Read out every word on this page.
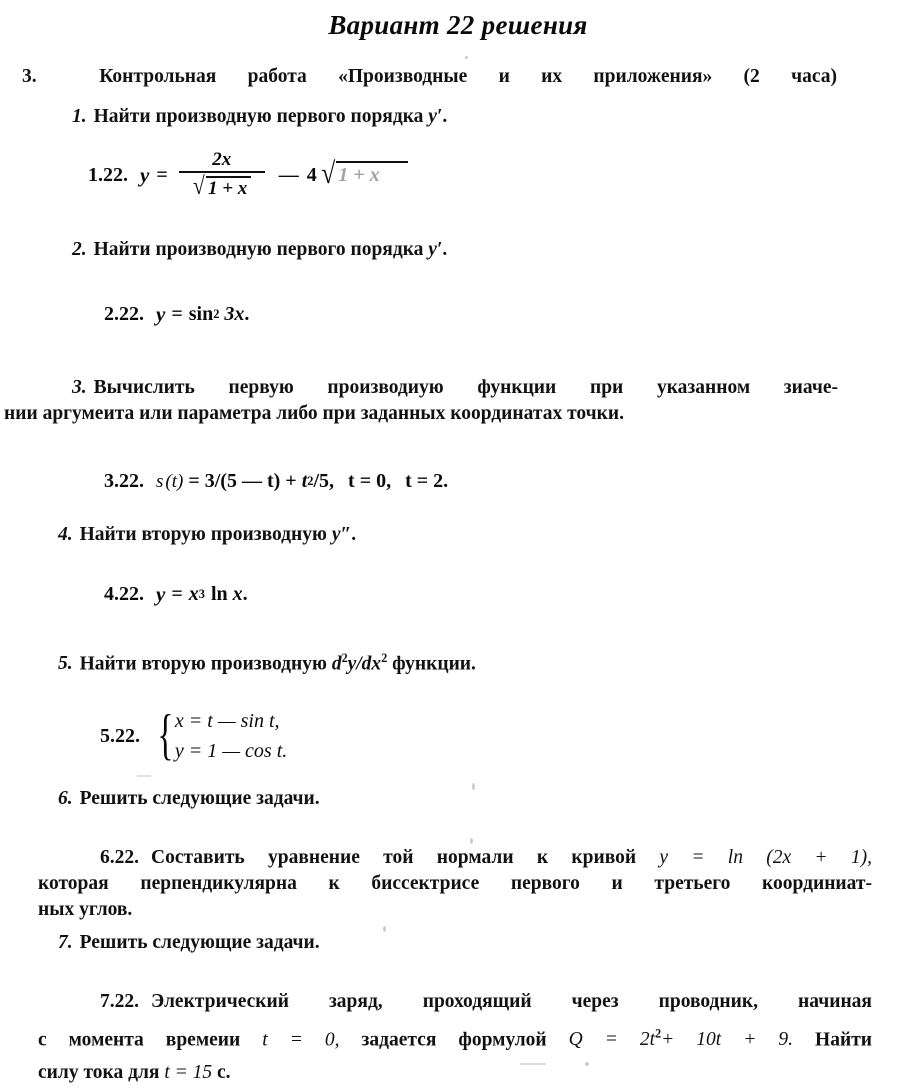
Вариант 22 решения
3.	Контрольная работа «Производные и их приложения» (2 часа)
1. Найти производную первого порядка y′.
1.22. $y = \frac{2x}{√ 1 + x}$ — 4 √ 1 + x
2. Найти производную первого порядка y′.
2.22. y = sin 2 3x .
3. Вычислить первую производиую функции при указанном зиаче-
нии аргумеита или параметра либо при заданных координатах точки.
3.22. s (t) = 3/(5 — t) + t 2 /5, t = 0, t = 2.
4. Найти вторую производную y″.
4.22. y = x 3 ln x .
5. Найти вторую производную $d^2y/dx^2$ функции.
5.22. { x = t — sin t,
y = 1 — cos t.
6. Решить следующие задачи.
6.22. Составить уравнение той нормали к кривой y = ln (2x + 1),
которая перпендикулярна к биссектрисе первого и третьего координиат-
ных углов.
7. Решить следующие задачи.
7.22. Электрический заряд, проходящий через проводник, начиная
с момента времеии t = 0, задается формулой $Q = 2t^2+ 10t + 9$. Найти
силу тока для t = 15 с.
